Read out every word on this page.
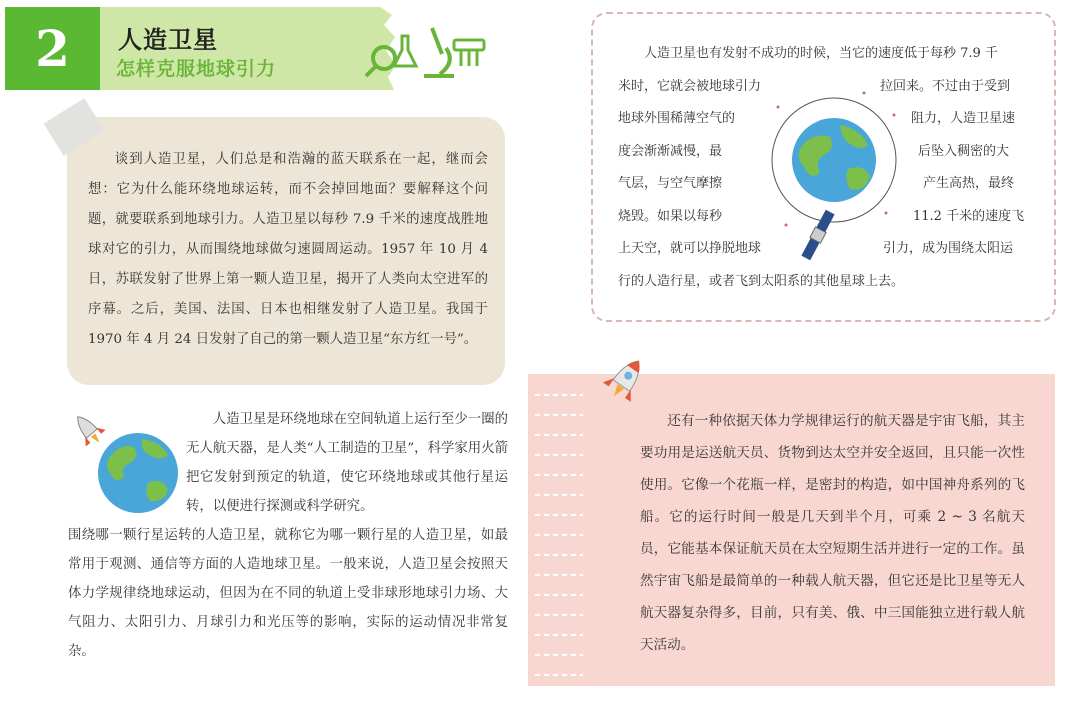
2	人造卫星
怎样克服地球引力
谈到人造卫星，人们总是和浩瀚的蓝天联系在一起，继而会想：它为什么能环绕地球运转，而不会掉回地面？要解释这个问题，就要联系到地球引力。人造卫星以每秒 7.9 千米的速度战胜地球对它的引力，从而围绕地球做匀速圆周运动。1957 年 10 月 4 日，苏联发射了世界上第一颗人造卫星，揭开了人类向太空进军的序幕。之后，美国、法国、日本也相继发射了人造卫星。我国于 1970 年 4 月 24 日发射了自己的第一颗人造卫星“东方红一号”。
人造卫星是环绕地球在空间轨道上运行至少一圈的无人航天器，是人类“人工制造的卫星”，科学家用火箭把它发射到预定的轨道，使它环绕地球或其他行星运转，以便进行探测或科学研究。
围绕哪一颗行星运转的人造卫星，就称它为哪一颗行星的人造卫星，如最常用于观测、通信等方面的人造地球卫星。一般来说，人造卫星会按照天体力学规律绕地球运动，但因为在不同的轨道上受非球形地球引力场、大气阻力、太阳引力、月球引力和光压等的影响，实际的运动情况非常复杂。
人造卫星也有发射不成功的时候，当它的速度低于每秒 7.9 千
米时，它就会被地球引力	拉回来。不过由于受到
地球外围稀薄空气的	阻力，人造卫星速
度会渐渐减慢，最	后坠入稠密的大
气层，与空气摩擦	产生高热，最终
烧毁。如果以每秒	11.2 千米的速度飞
上天空，就可以挣脱地球	引力，成为围绕太阳运
行的人造行星，或者飞到太阳系的其他星球上去。
还有一种依据天体力学规律运行的航天器是宇宙飞船，其主要功用是运送航天员、货物到达太空并安全返回，且只能一次性使用。它像一个花瓶一样，是密封的构造，如中国神舟系列的飞船。它的运行时间一般是几天到半个月，可乘 2 ~ 3 名航天员，它能基本保证航天员在太空短期生活并进行一定的工作。虽然宇宙飞船是最简单的一种载人航天器，但它还是比卫星等无人航天器复杂得多，目前，只有美、俄、中三国能独立进行载人航天活动。
